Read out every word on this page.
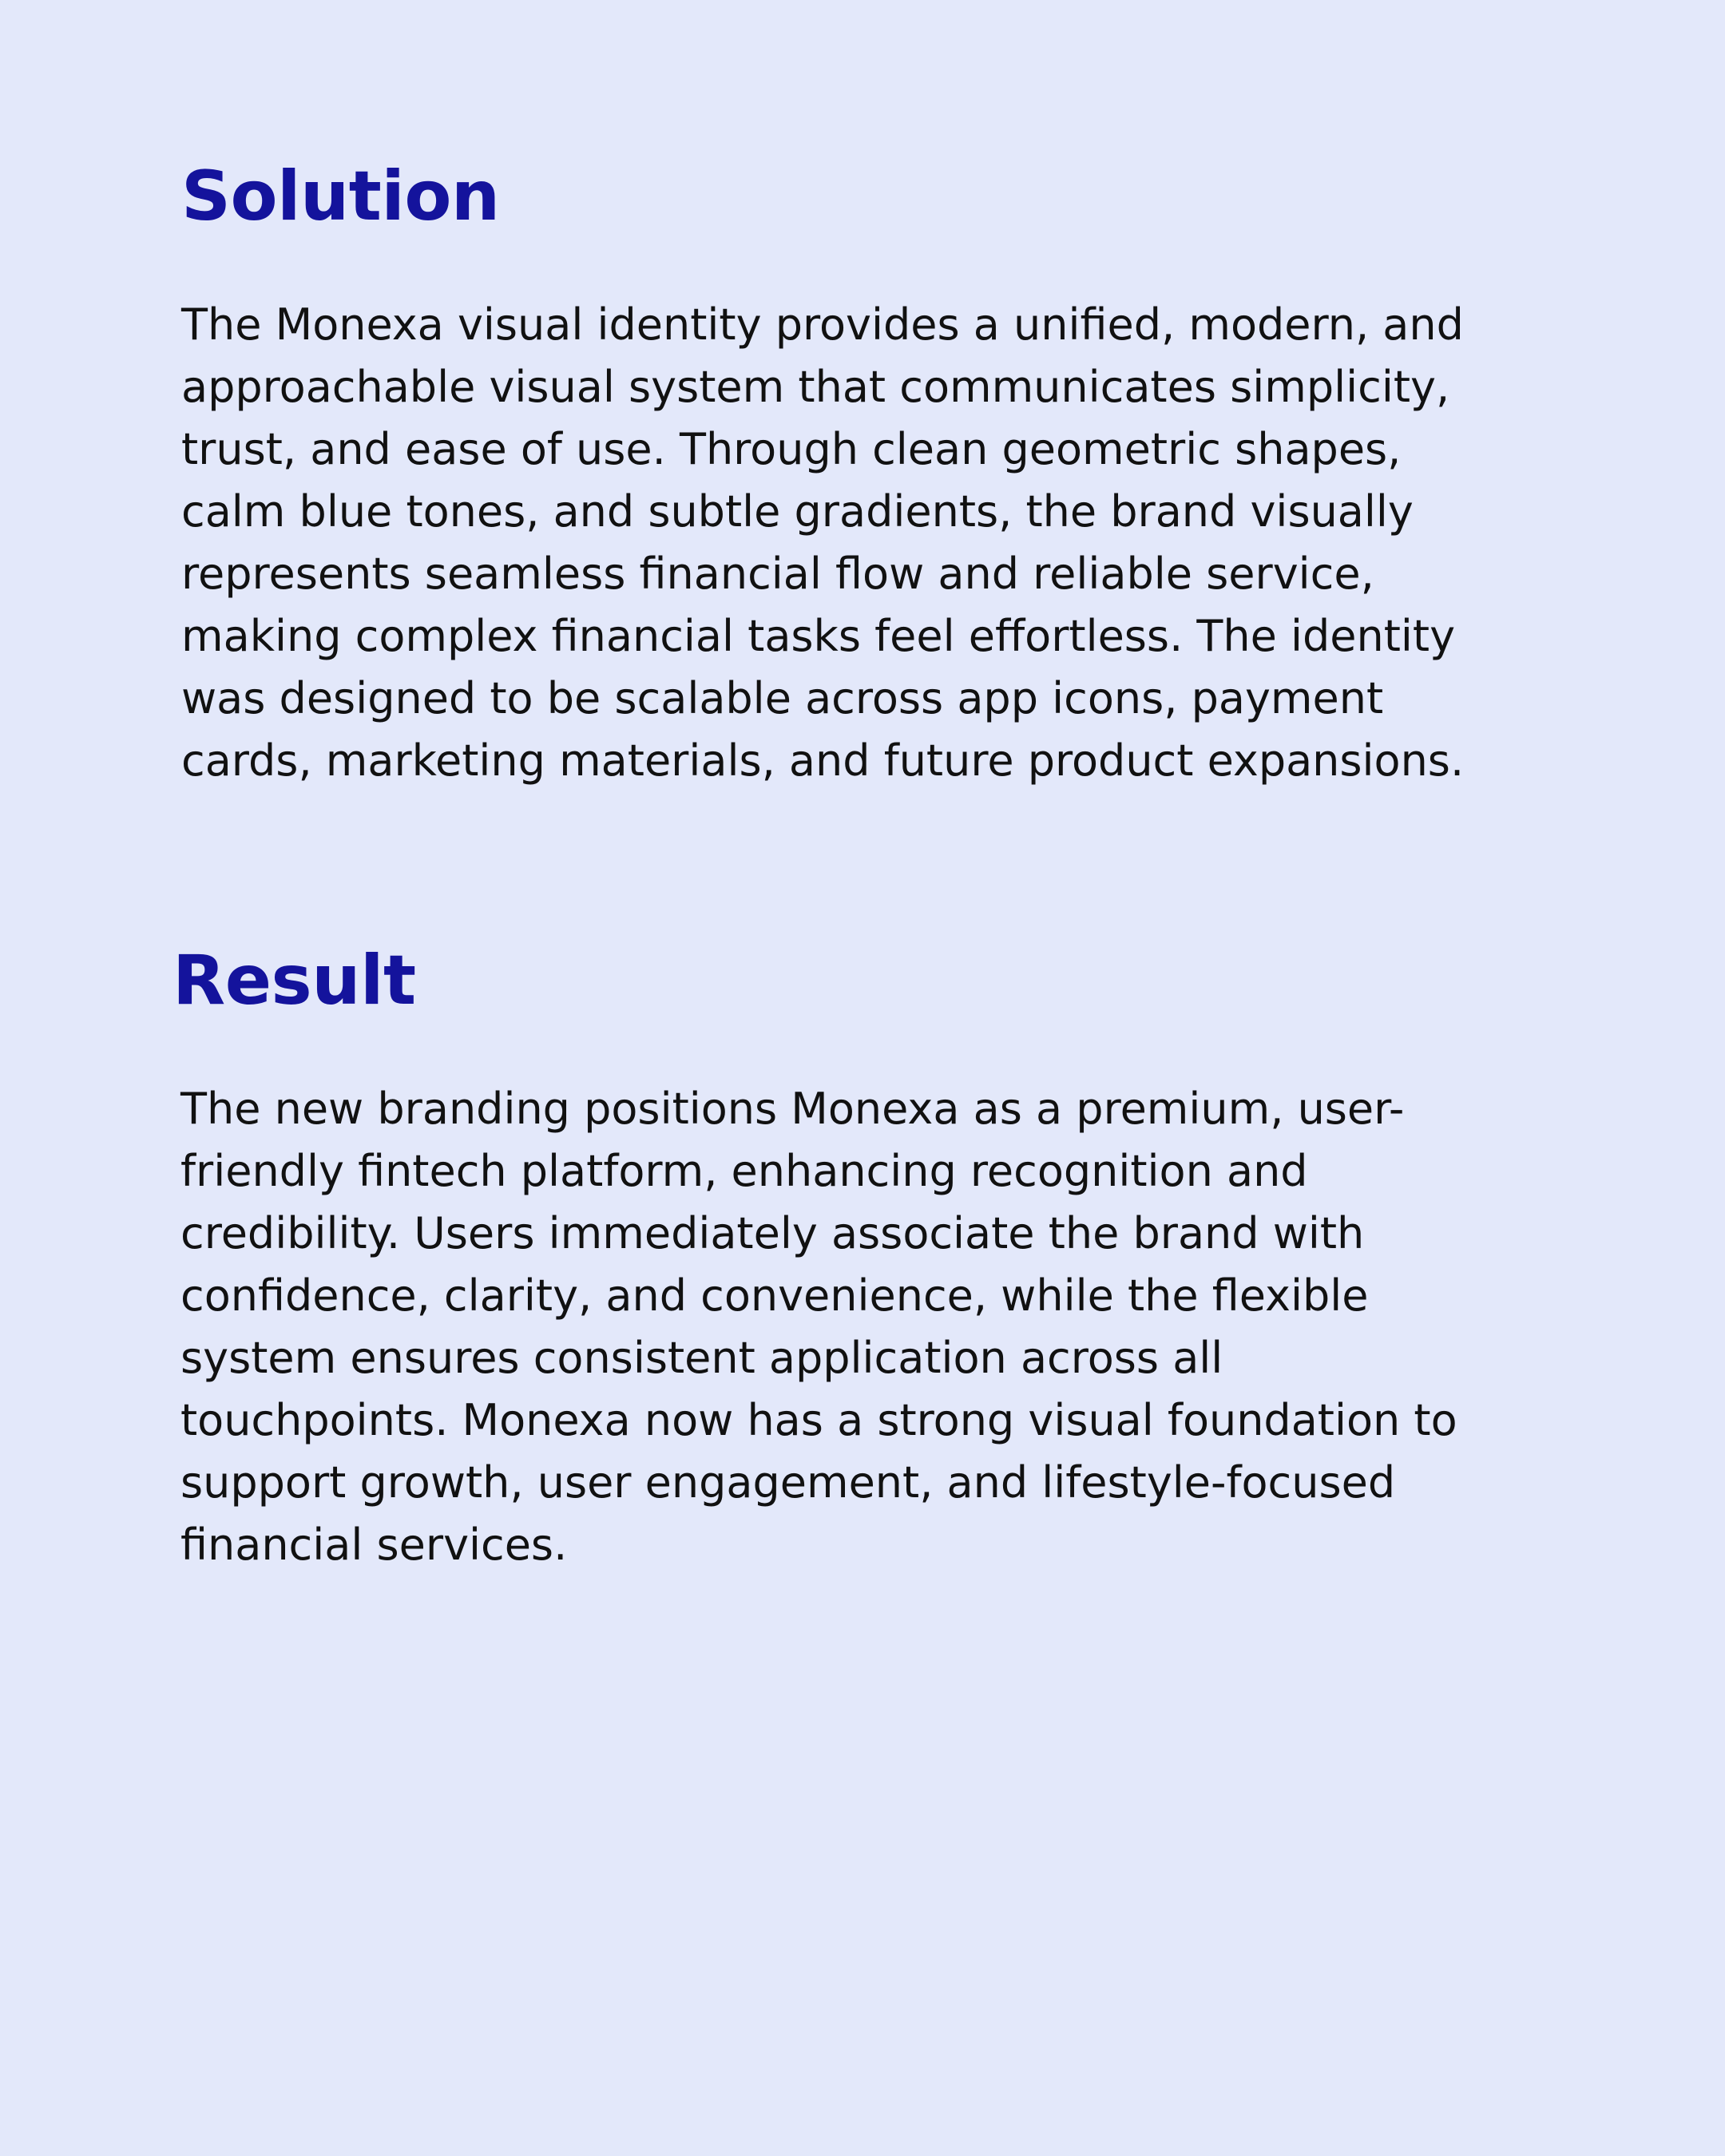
Solution

The Monexa visual identity provides a unified, modern, and
approachable visual system that communicates simplicity,
trust, and ease of use. Through clean geometric shapes,
calm blue tones, and subtle gradients, the brand visually
represents seamless financial flow and reliable service,
making complex financial tasks feel effortless. The identity
was designed to be scalable across app icons, payment
cards, marketing materials, and future product expansions.

Result

The new branding positions Monexa as a premium, user-
friendly fintech platform, enhancing recognition and
credibility. Users immediately associate the brand with
confidence, clarity, and convenience, while the flexible
system ensures consistent application across all
touchpoints. Monexa now has a strong visual foundation to
support growth, user engagement, and lifestyle-focused
financial services.
